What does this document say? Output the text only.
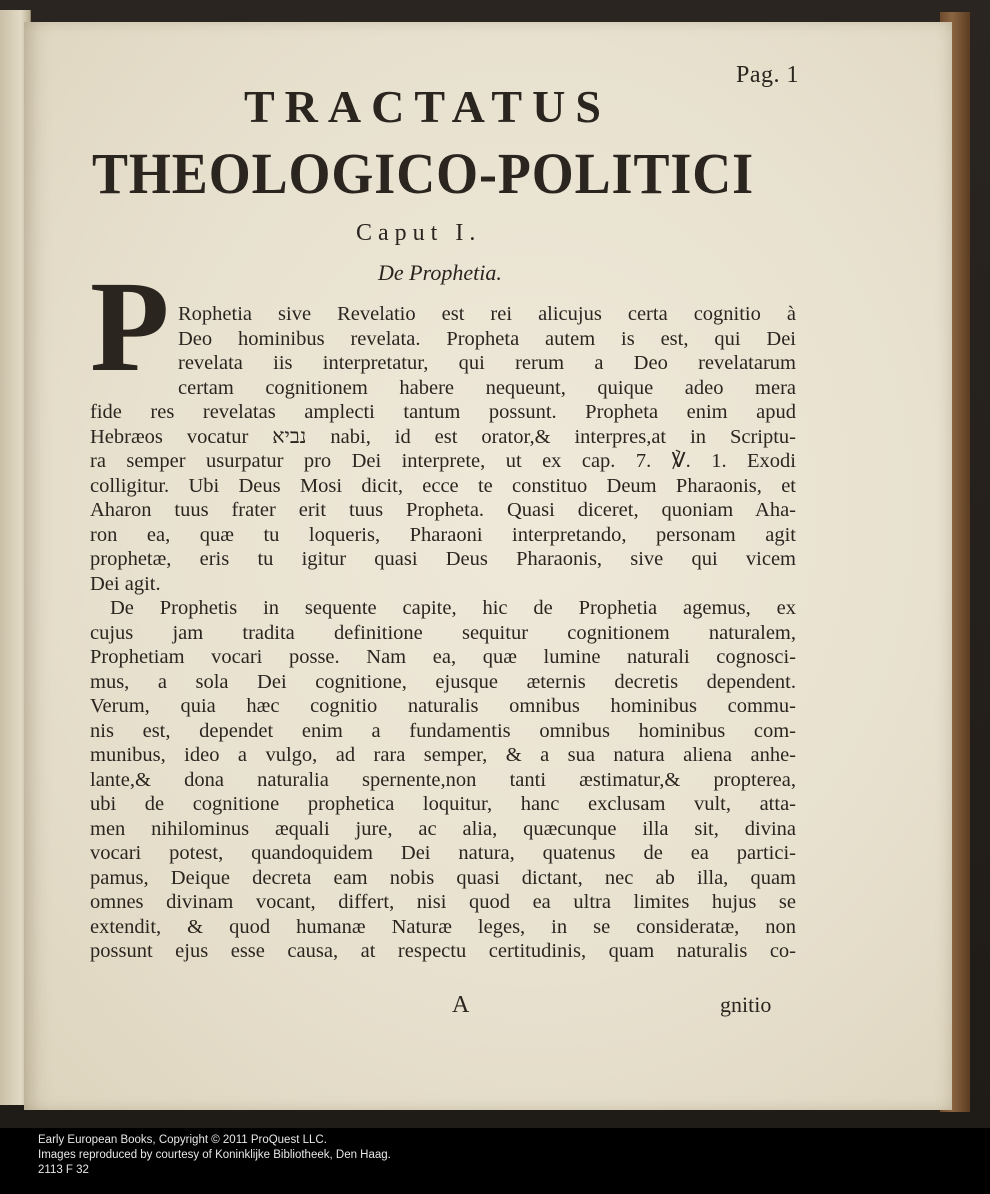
Pag. 1
TRACTATUS
THEOLOGICO-POLITICI
Caput I.
De Prophetia.
P Rophetia sive Revelatio est rei alicujus certa cognitio à
Deo hominibus revelata. Propheta autem is est, qui Dei
revelata iis interpretatur, qui rerum a Deo revelatarum
certam cognitionem habere nequeunt, quique adeo mera
fide res revelatas amplecti tantum possunt. Propheta enim apud
Hebræos vocatur נביא nabi, id est orator,& interpres,at in Scriptu-
ra semper usurpatur pro Dei interprete, ut ex cap. 7. ℣. 1. Exodi
colligitur. Ubi Deus Mosi dicit, ecce te constituo Deum Pharaonis, et
Aharon tuus frater erit tuus Propheta. Quasi diceret, quoniam Aha-
ron ea, quæ tu loqueris, Pharaoni interpretando, personam agit
prophetæ, eris tu igitur quasi Deus Pharaonis, sive qui vicem
Dei agit.
De Prophetis in sequente capite, hic de Prophetia agemus, ex
cujus jam tradita definitione sequitur cognitionem naturalem,
Prophetiam vocari posse. Nam ea, quæ lumine naturali cognosci-
mus, a sola Dei cognitione, ejusque æternis decretis dependent.
Verum, quia hæc cognitio naturalis omnibus hominibus commu-
nis est, dependet enim a fundamentis omnibus hominibus com-
munibus, ideo a vulgo, ad rara semper, & a sua natura aliena anhe-
lante,& dona naturalia spernente,non tanti æstimatur,& propterea,
ubi de cognitione prophetica loquitur, hanc exclusam vult, atta-
men nihilominus æquali jure, ac alia, quæcunque illa sit, divina
vocari potest, quandoquidem Dei natura, quatenus de ea partici-
pamus, Deique decreta eam nobis quasi dictant, nec ab illa, quam
omnes divinam vocant, differt, nisi quod ea ultra limites hujus se
extendit, & quod humanæ Naturæ leges, in se consideratæ, non
possunt ejus esse causa, at respectu certitudinis, quam naturalis co-
A	gnitio
Early European Books, Copyright © 2011 ProQuest LLC.
Images reproduced by courtesy of Koninklijke Bibliotheek, Den Haag.
2113 F 32
